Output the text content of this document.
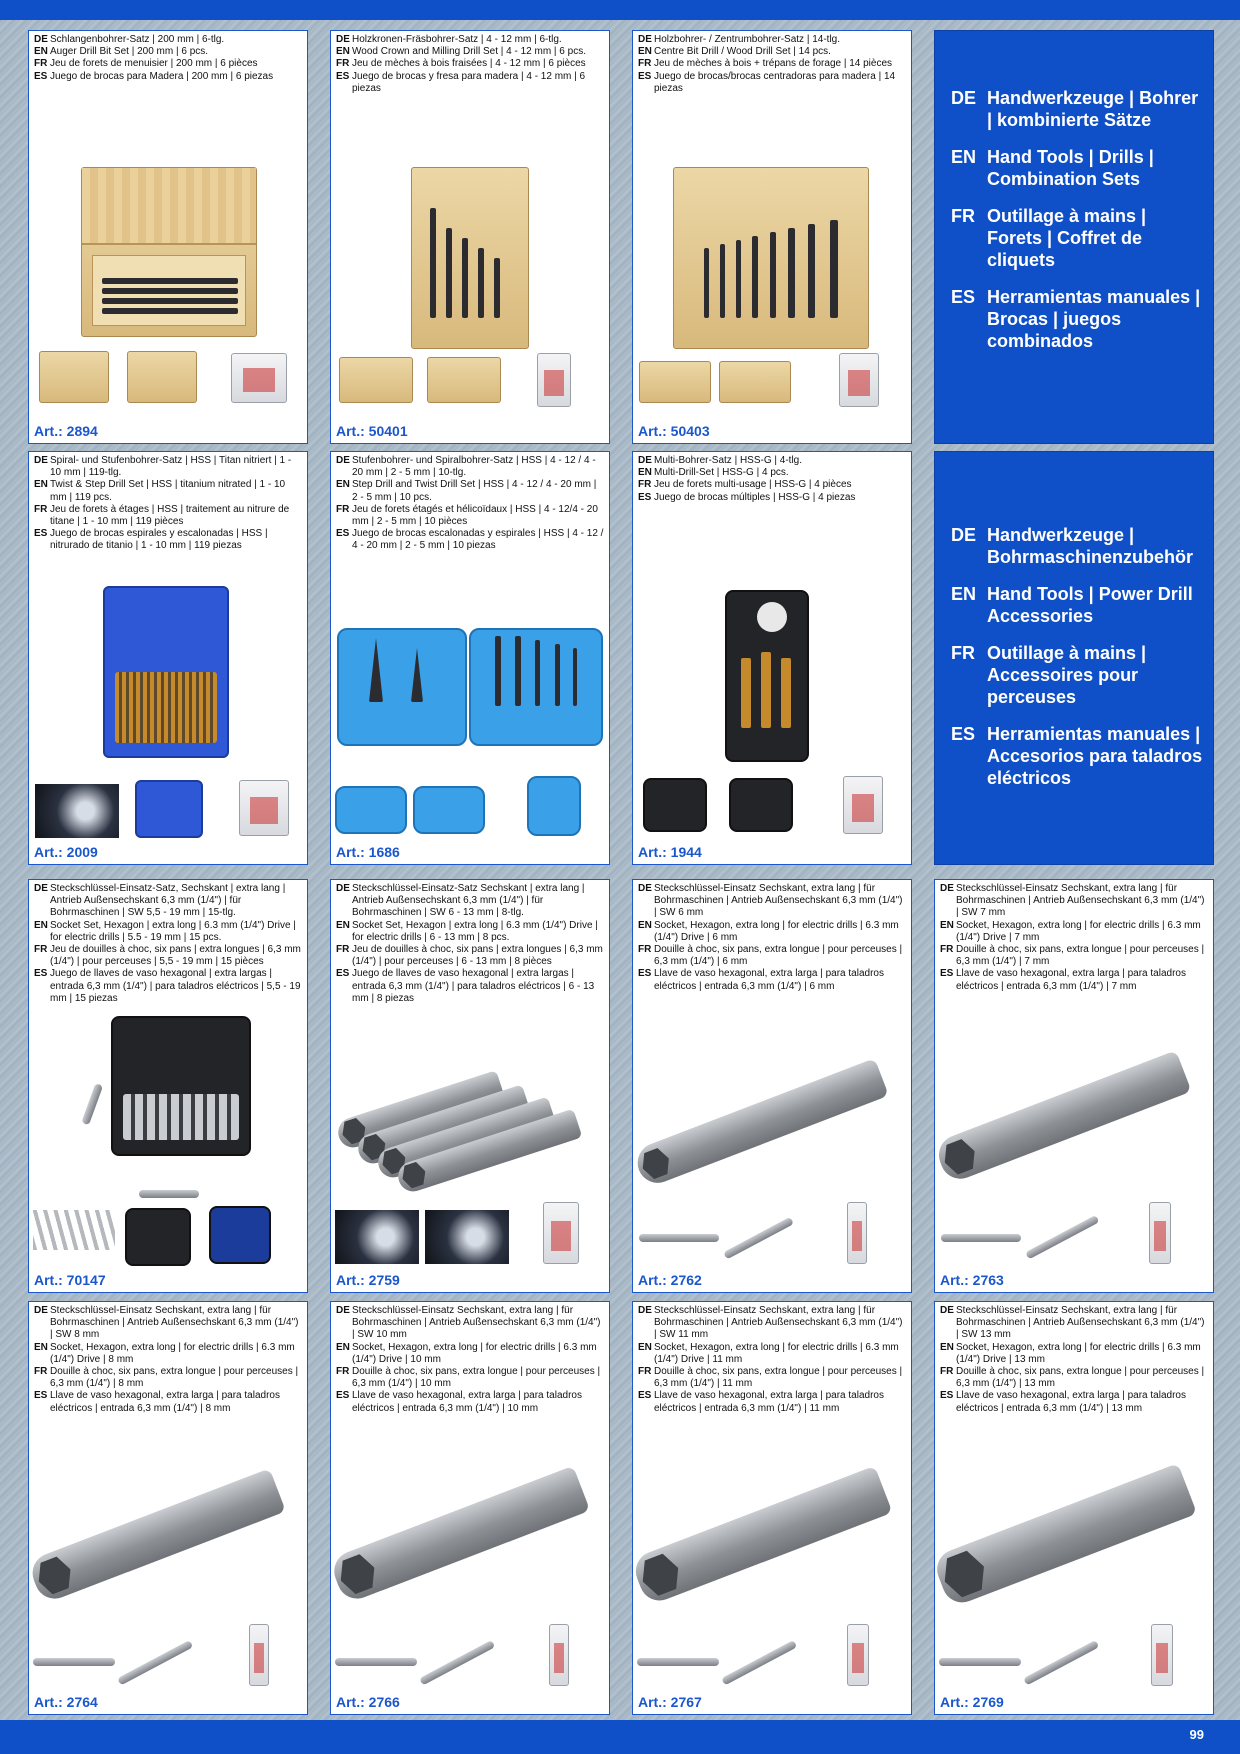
DE Schlangenbohrer-Satz | 200 mm | 6-tlg.
EN Auger Drill Bit Set | 200 mm | 6 pcs.
FR Jeu de forets de menuisier | 200 mm | 6 pièces
ES Juego de brocas para Madera | 200 mm | 6 piezas
Art.: 2894
DE Holzkronen-Fräsbohrer-Satz | 4 - 12 mm | 6-tlg.
EN Wood Crown and Milling Drill Set | 4 - 12 mm | 6 pcs.
FR Jeu de mèches à bois fraisées | 4 - 12 mm | 6 pièces
ES Juego de brocas y fresa para madera | 4 - 12 mm | 6 piezas
Art.: 50401
DE Holzbohrer- / Zentrumbohrer-Satz | 14-tlg.
EN Centre Bit Drill / Wood Drill Set | 14 pcs.
FR Jeu de mèches à bois + trépans de forage | 14 pièces
ES Juego de brocas/brocas centradoras para madera | 14 piezas
Art.: 50403
DE Handwerkzeuge | Bohrer | kombinierte Sätze
EN Hand Tools | Drills | Combination Sets
FR Outillage à mains | Forets | Coffret de cliquets
ES Herramientas manuales | Brocas | juegos combinados
DE Spiral- und Stufenbohrer-Satz | HSS | Titan nitriert | 1 - 10 mm | 119-tlg.
EN Twist & Step Drill Set | HSS | titanium nitrated | 1 - 10 mm | 119 pcs.
FR Jeu de forets à étages | HSS | traitement au nitrure de titane | 1 - 10 mm | 119 pièces
ES Juego de brocas espirales y escalonadas | HSS | nitrurado de titanio | 1 - 10 mm | 119 piezas
Art.: 2009
DE Stufenbohrer- und Spiralbohrer-Satz | HSS | 4 - 12 / 4 - 20 mm | 2 - 5 mm | 10-tlg.
EN Step Drill and Twist Drill Set | HSS | 4 - 12 / 4 - 20 mm | 2 - 5 mm | 10 pcs.
FR Jeu de forets étagés et hélicoïdaux | HSS | 4 - 12/4 - 20 mm | 2 - 5 mm | 10 pièces
ES Juego de brocas escalonadas y espirales | HSS | 4 - 12 / 4 - 20 mm | 2 - 5 mm | 10 piezas
Art.: 1686
DE Multi-Bohrer-Satz | HSS-G | 4-tlg.
EN Multi-Drill-Set | HSS-G | 4 pcs.
FR Jeu de forets multi-usage | HSS-G | 4 pièces
ES Juego de brocas múltiples | HSS-G | 4 piezas
Art.: 1944
DE Handwerkzeuge | Bohrmaschinenzubehör
EN Hand Tools | Power Drill Accessories
FR Outillage à mains | Accessoires pour perceuses
ES Herramientas manuales | Accesorios para taladros eléctricos
DE Steckschlüssel-Einsatz-Satz, Sechskant | extra lang | Antrieb Außensechskant 6,3 mm (1/4") | für Bohrmaschinen | SW 5,5 - 19 mm | 15-tlg.
EN Socket Set, Hexagon | extra long | 6.3 mm (1/4") Drive | for electric drills | 5.5 - 19 mm | 15 pcs.
FR Jeu de douilles à choc, six pans | extra longues | 6,3 mm (1/4") | pour perceuses | 5,5 - 19 mm | 15 pièces
ES Juego de llaves de vaso hexagonal | extra largas | entrada 6,3 mm (1/4") | para taladros eléctricos | 5,5 - 19 mm | 15 piezas
Art.: 70147
DE Steckschlüssel-Einsatz-Satz Sechskant | extra lang | Antrieb Außensechskant 6,3 mm (1/4") | für Bohrmaschinen | SW 6 - 13 mm | 8-tlg.
EN Socket Set, Hexagon | extra long | 6.3 mm (1/4") Drive | for electric drills | 6 - 13 mm | 8 pcs.
FR Jeu de douilles à choc, six pans | extra longues | 6,3 mm (1/4") | pour perceuses | 6 - 13 mm | 8 pièces
ES Juego de llaves de vaso hexagonal | extra largas | entrada 6,3 mm (1/4") | para taladros eléctricos | 6 - 13 mm | 8 piezas
Art.: 2759
DE Steckschlüssel-Einsatz Sechskant, extra lang | für Bohrmaschinen | Antrieb Außensechskant 6,3 mm (1/4") | SW 6 mm
EN Socket, Hexagon, extra long | for electric drills | 6.3 mm (1/4") Drive | 6 mm
FR Douille à choc, six pans, extra longue | pour perceuses | 6,3 mm (1/4") | 6 mm
ES Llave de vaso hexagonal, extra larga | para taladros eléctricos | entrada 6,3 mm (1/4") | 6 mm
Art.: 2762
DE Steckschlüssel-Einsatz Sechskant, extra lang | für Bohrmaschinen | Antrieb Außensechskant 6,3 mm (1/4") | SW 7 mm
EN Socket, Hexagon, extra long | for electric drills | 6.3 mm (1/4") Drive | 7 mm
FR Douille à choc, six pans, extra longue | pour perceuses | 6,3 mm (1/4") | 7 mm
ES Llave de vaso hexagonal, extra larga | para taladros eléctricos | entrada 6,3 mm (1/4") | 7 mm
Art.: 2763
DE Steckschlüssel-Einsatz Sechskant, extra lang | für Bohrmaschinen | Antrieb Außensechskant 6,3 mm (1/4") | SW 8 mm
EN Socket, Hexagon, extra long | for electric drills | 6.3 mm (1/4") Drive | 8 mm
FR Douille à choc, six pans, extra longue | pour perceuses | 6,3 mm (1/4") | 8 mm
ES Llave de vaso hexagonal, extra larga | para taladros eléctricos | entrada 6,3 mm (1/4") | 8 mm
Art.: 2764
DE Steckschlüssel-Einsatz Sechskant, extra lang | für Bohrmaschinen | Antrieb Außensechskant 6,3 mm (1/4") | SW 10 mm
EN Socket, Hexagon, extra long | for electric drills | 6.3 mm (1/4") Drive | 10 mm
FR Douille à choc, six pans, extra longue | pour perceuses | 6,3 mm (1/4") | 10 mm
ES Llave de vaso hexagonal, extra larga | para taladros eléctricos | entrada 6,3 mm (1/4") | 10 mm
Art.: 2766
DE Steckschlüssel-Einsatz Sechskant, extra lang | für Bohrmaschinen | Antrieb Außensechskant 6,3 mm (1/4") | SW 11 mm
EN Socket, Hexagon, extra long | for electric drills | 6.3 mm (1/4") Drive | 11 mm
FR Douille à choc, six pans, extra longue | pour perceuses | 6,3 mm (1/4") | 11 mm
ES Llave de vaso hexagonal, extra larga | para taladros eléctricos | entrada 6,3 mm (1/4") | 11 mm
Art.: 2767
DE Steckschlüssel-Einsatz Sechskant, extra lang | für Bohrmaschinen | Antrieb Außensechskant 6,3 mm (1/4") | SW 13 mm
EN Socket, Hexagon, extra long | for electric drills | 6.3 mm (1/4") Drive | 13 mm
FR Douille à choc, six pans, extra longue | pour perceuses | 6,3 mm (1/4") | 13 mm
ES Llave de vaso hexagonal, extra larga | para taladros eléctricos | entrada 6,3 mm (1/4") | 13 mm
Art.: 2769
99
